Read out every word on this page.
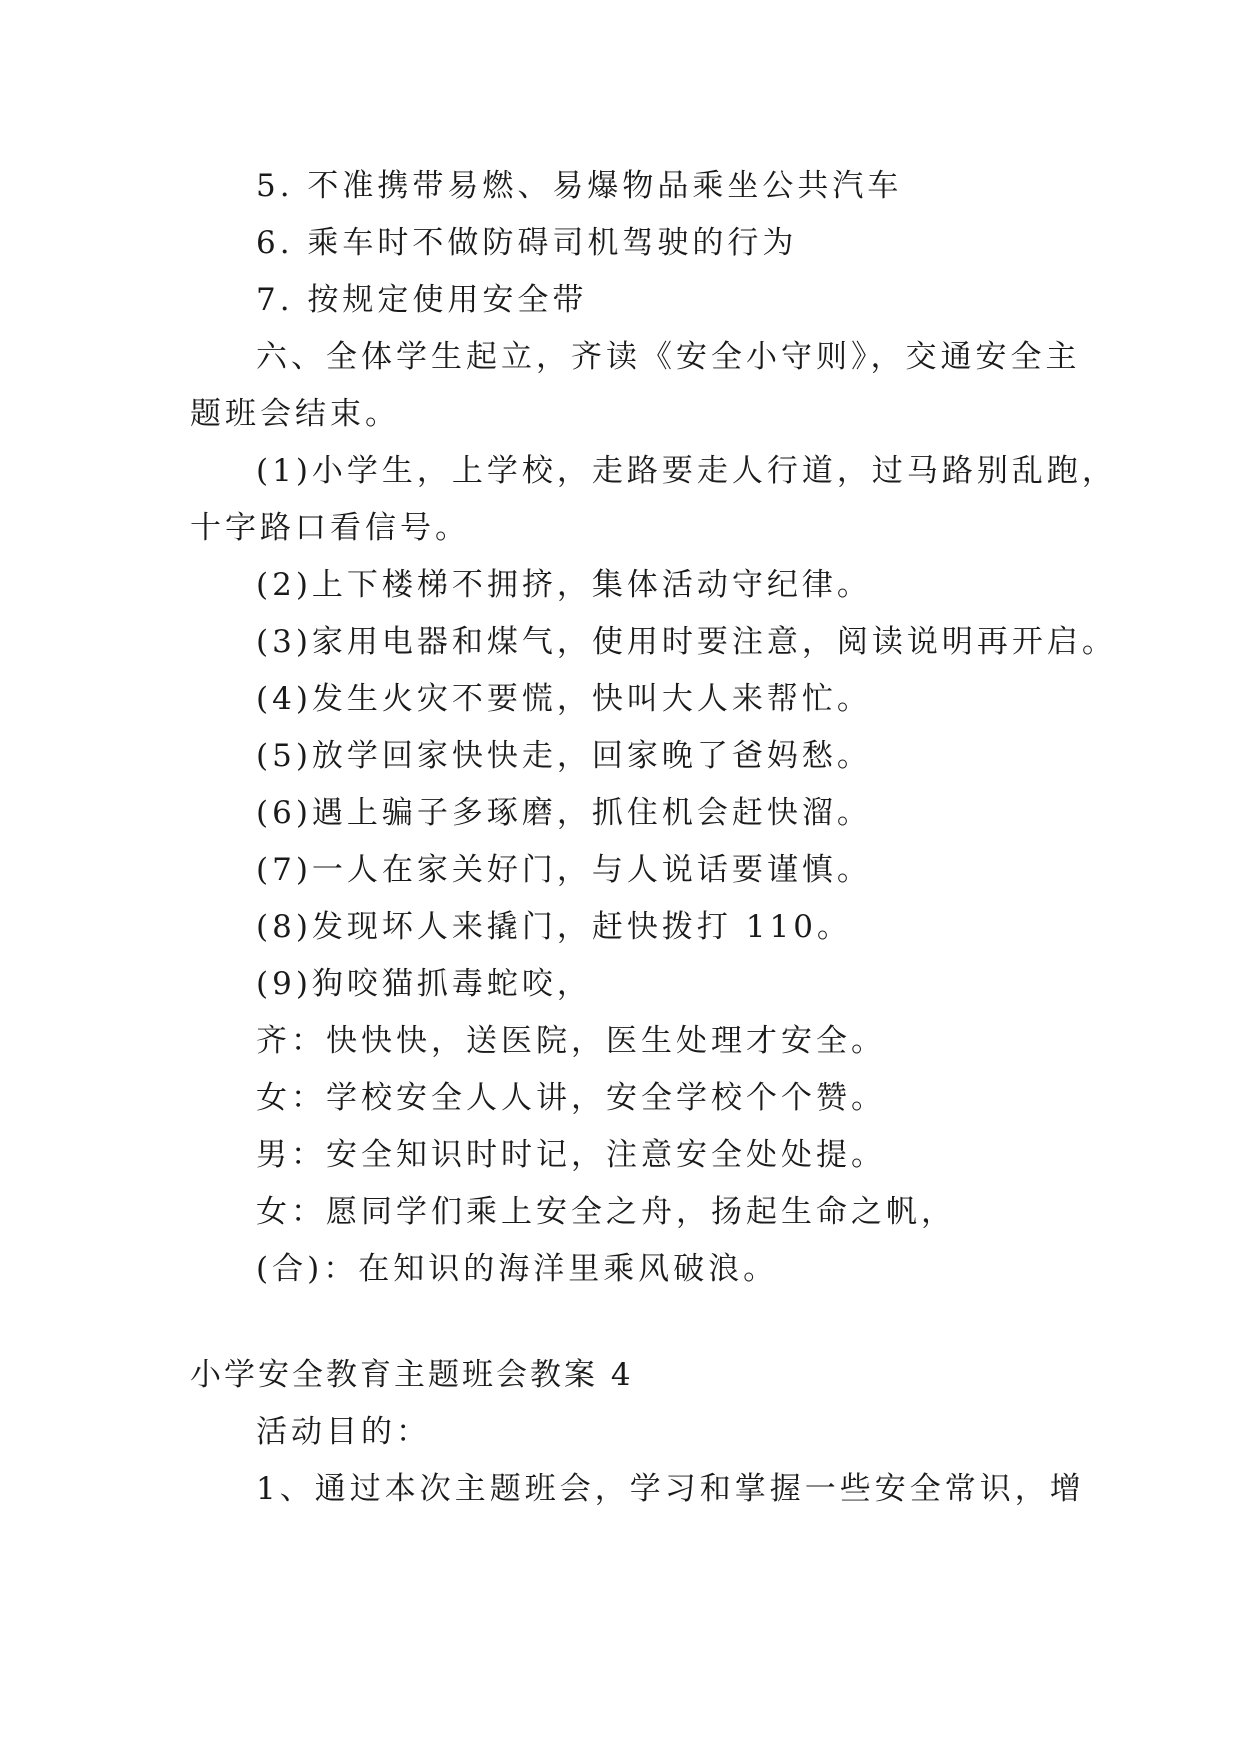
5. 不准携带易燃、易爆物品乘坐公共汽车
6. 乘车时不做防碍司机驾驶的行为
7. 按规定使用安全带
六、全体学生起立，齐读《安全小守则》，交通安全主
题班会结束。
(1)小学生，上学校，走路要走人行道，过马路别乱跑，
十字路口看信号。
(2)上下楼梯不拥挤，集体活动守纪律。
(3)家用电器和煤气，使用时要注意，阅读说明再开启。
(4)发生火灾不要慌，快叫大人来帮忙。
(5)放学回家快快走，回家晚了爸妈愁。
(6)遇上骗子多琢磨，抓住机会赶快溜。
(7)一人在家关好门，与人说话要谨慎。
(8)发现坏人来撬门，赶快拨打 110。
(9)狗咬猫抓毒蛇咬，
齐：快快快，送医院，医生处理才安全。
女：学校安全人人讲，安全学校个个赞。
男：安全知识时时记，注意安全处处提。
女：愿同学们乘上安全之舟，扬起生命之帆，
(合)：在知识的海洋里乘风破浪。
小学安全教育主题班会教案 4
活动目的：
1、通过本次主题班会，学习和掌握一些安全常识，增
